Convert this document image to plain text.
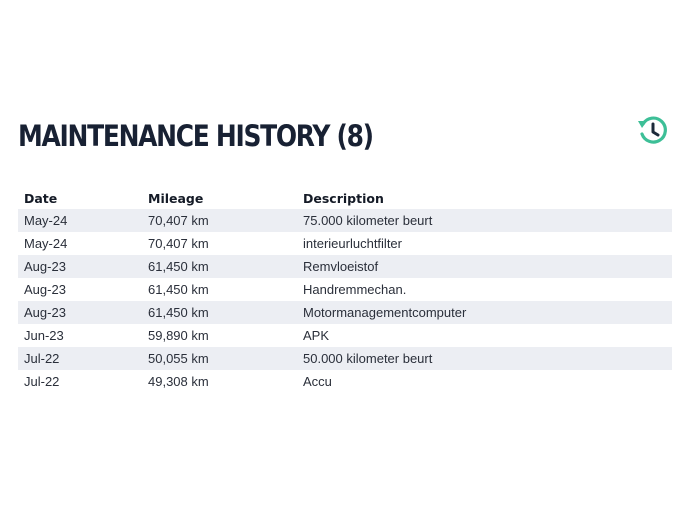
MAINTENANCE HISTORY (8)
Date	Mileage	Description
May-24	70,407 km	75.000 kilometer beurt
May-24	70,407 km	interieurluchtfilter
Aug-23	61,450 km	Remvloeistof
Aug-23	61,450 km	Handremmechan.
Aug-23	61,450 km	Motormanagementcomputer
Jun-23	59,890 km	APK
Jul-22	50,055 km	50.000 kilometer beurt
Jul-22	49,308 km	Accu
